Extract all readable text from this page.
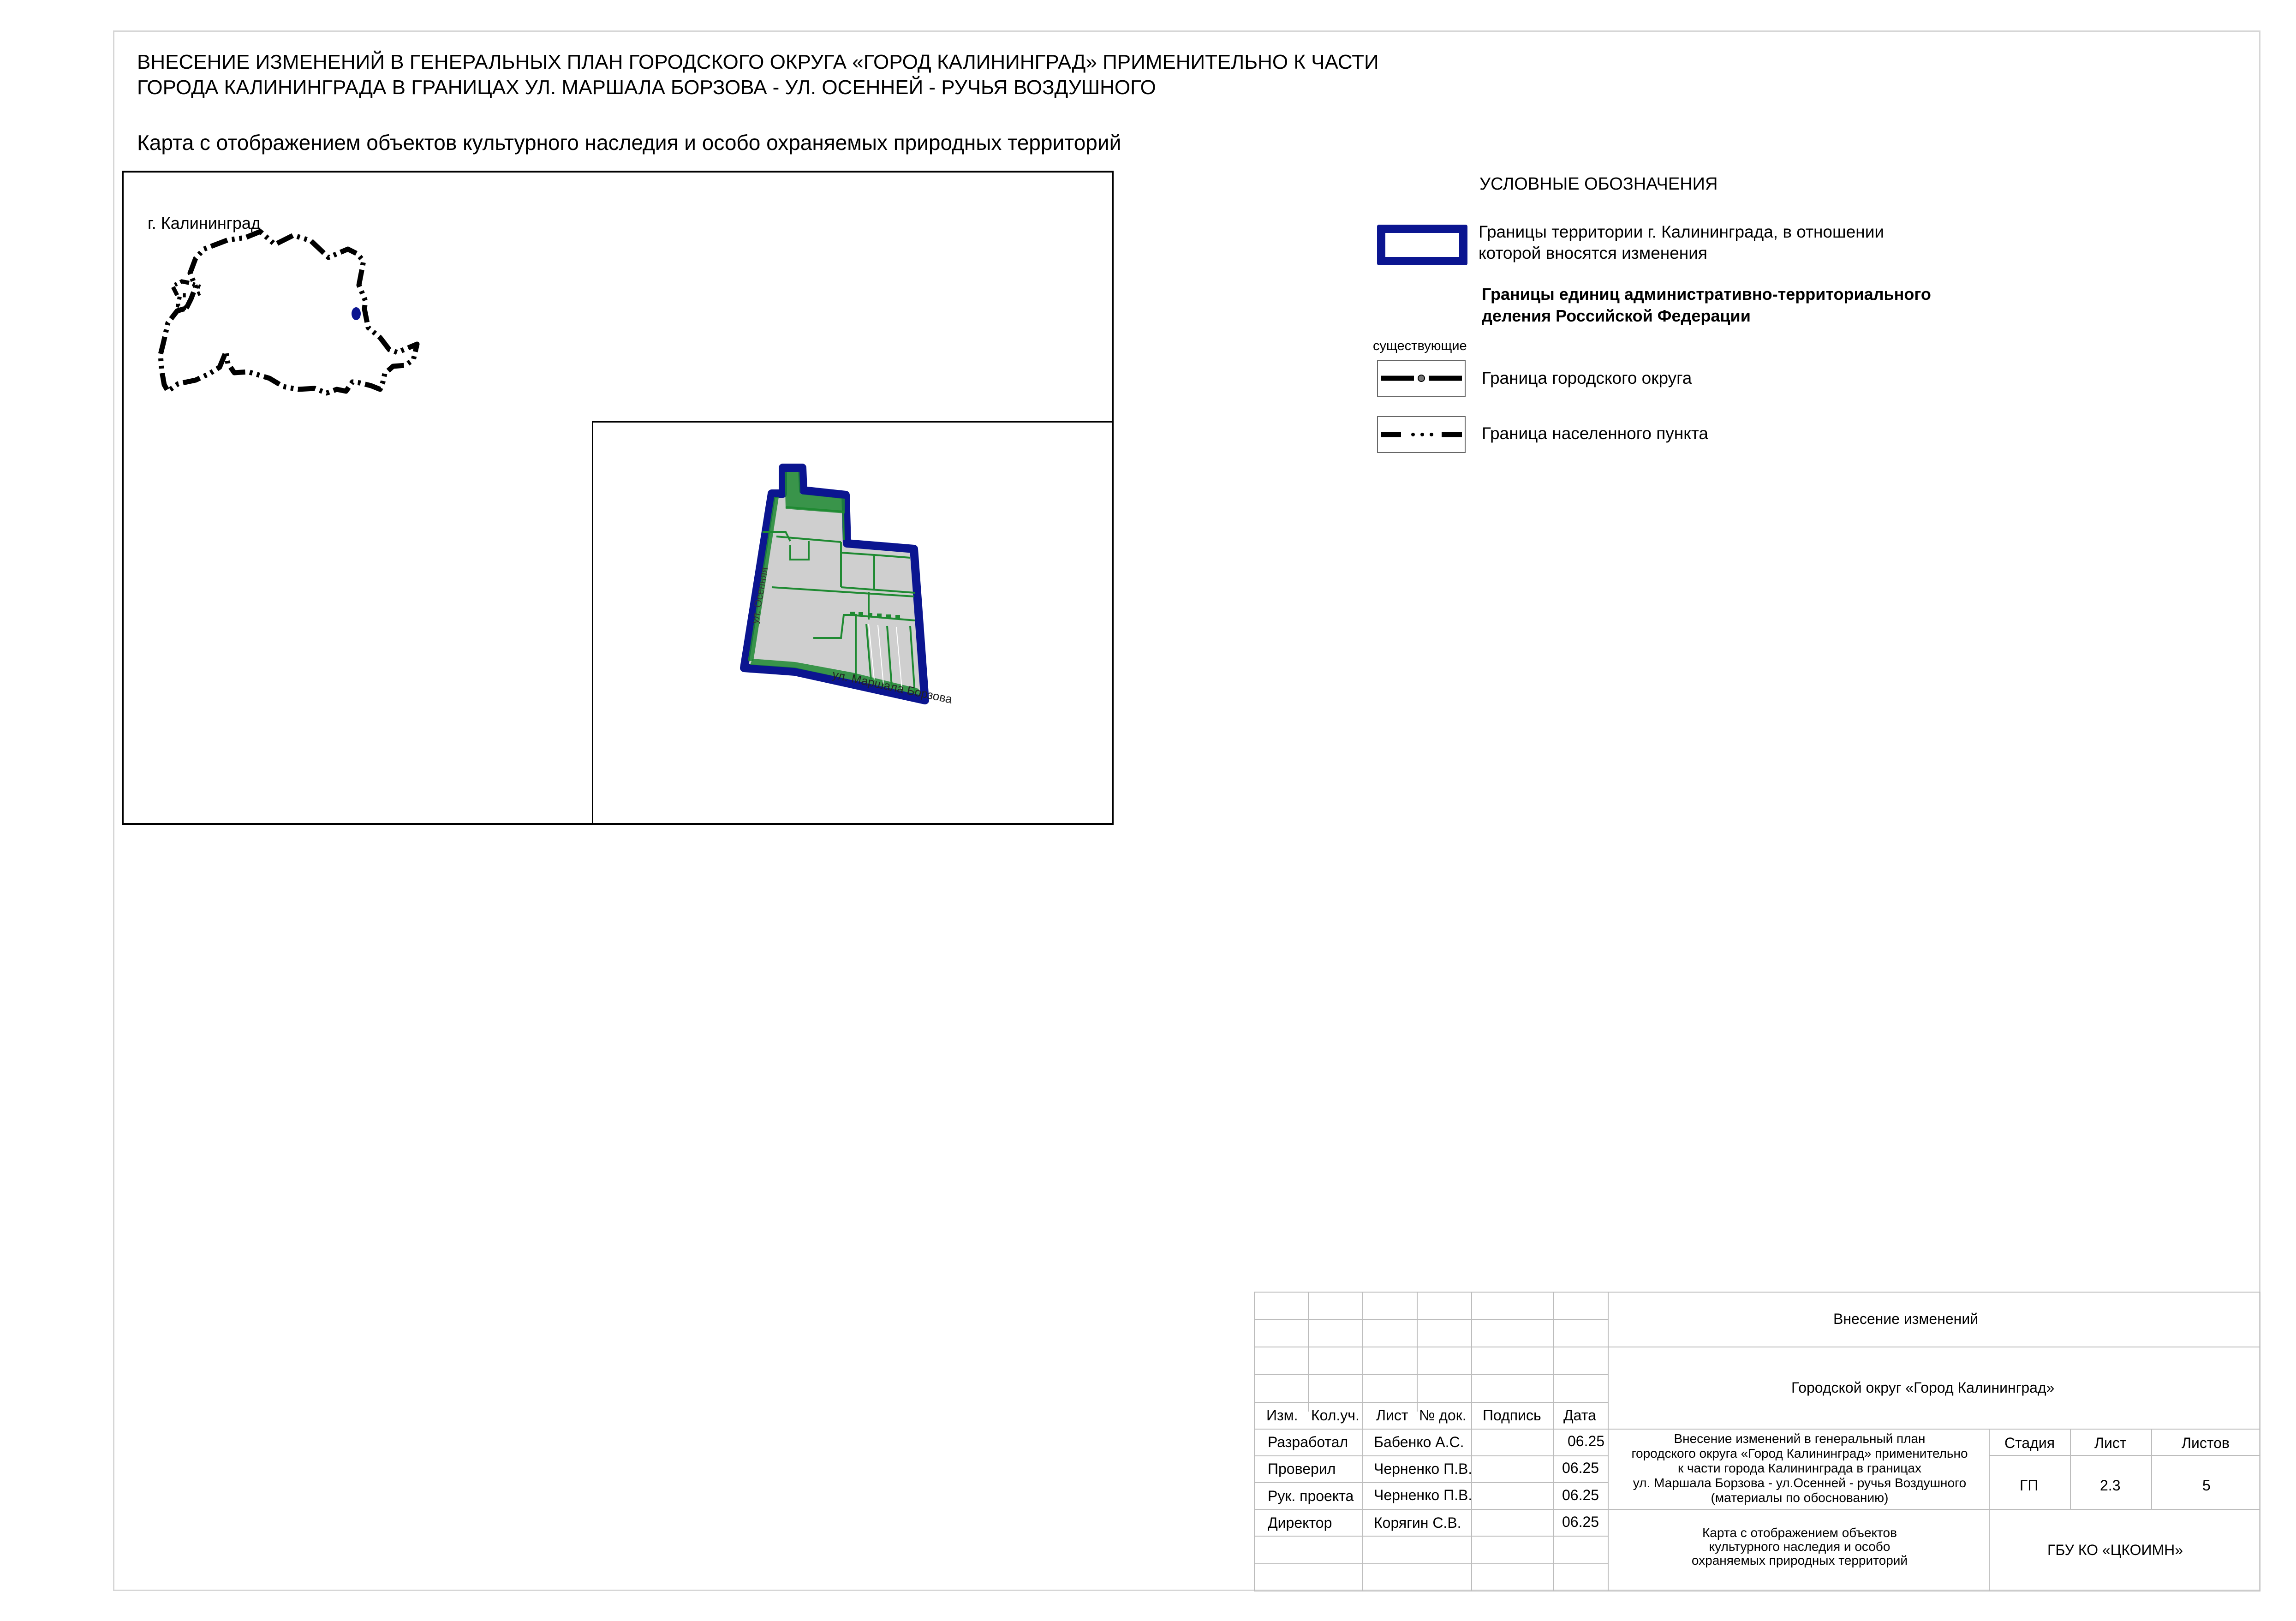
ВНЕСЕНИЕ ИЗМЕНЕНИЙ В ГЕНЕРАЛЬНЫХ ПЛАН ГОРОДСКОГО ОКРУГА «ГОРОД КАЛИНИНГРАД» ПРИМЕНИТЕЛЬНО К ЧАСТИ
ГОРОДА КАЛИНИНГРАДА В ГРАНИЦАХ УЛ. МАРШАЛА БОРЗОВА - УЛ. ОСЕННЕЙ - РУЧЬЯ ВОЗДУШНОГО
Карта с отображением объектов культурного наследия и особо охраняемых природных территорий
г. Калининград
ул. Осенняя
ул. Маршала Борзова
УСЛОВНЫЕ ОБОЗНАЧЕНИЯ
Границы территории г. Калининграда, в отношении
которой вносятся изменения
Границы единиц административно-территориального
деления Российской Федерации
существующие
Граница городского округа
Граница населенного пункта
Изм. Кол.уч. Лист № док. Подпись Дата
Разработал Бабенко А.С.	06.25
Проверил	Черненко П.В.	06.25
Рук. проекта Черненко П.В.	06.25
Директор	Корягин С.В.	06.25
Внесение изменений
Городской округ «Город Калининград»
Внесение изменений в генеральный план
городского округа «Город Калининград» применительно
к части города Калининграда в границах
ул. Маршала Борзова - ул.Осенней - ручья Воздушного
(материалы по обоснованию)
Стадия	Лист	Листов
ГП	2.3	5
Карта с отображением объектов
культурного наследия и особо
охраняемых природных территорий
ГБУ КО «ЦКОИМН»
